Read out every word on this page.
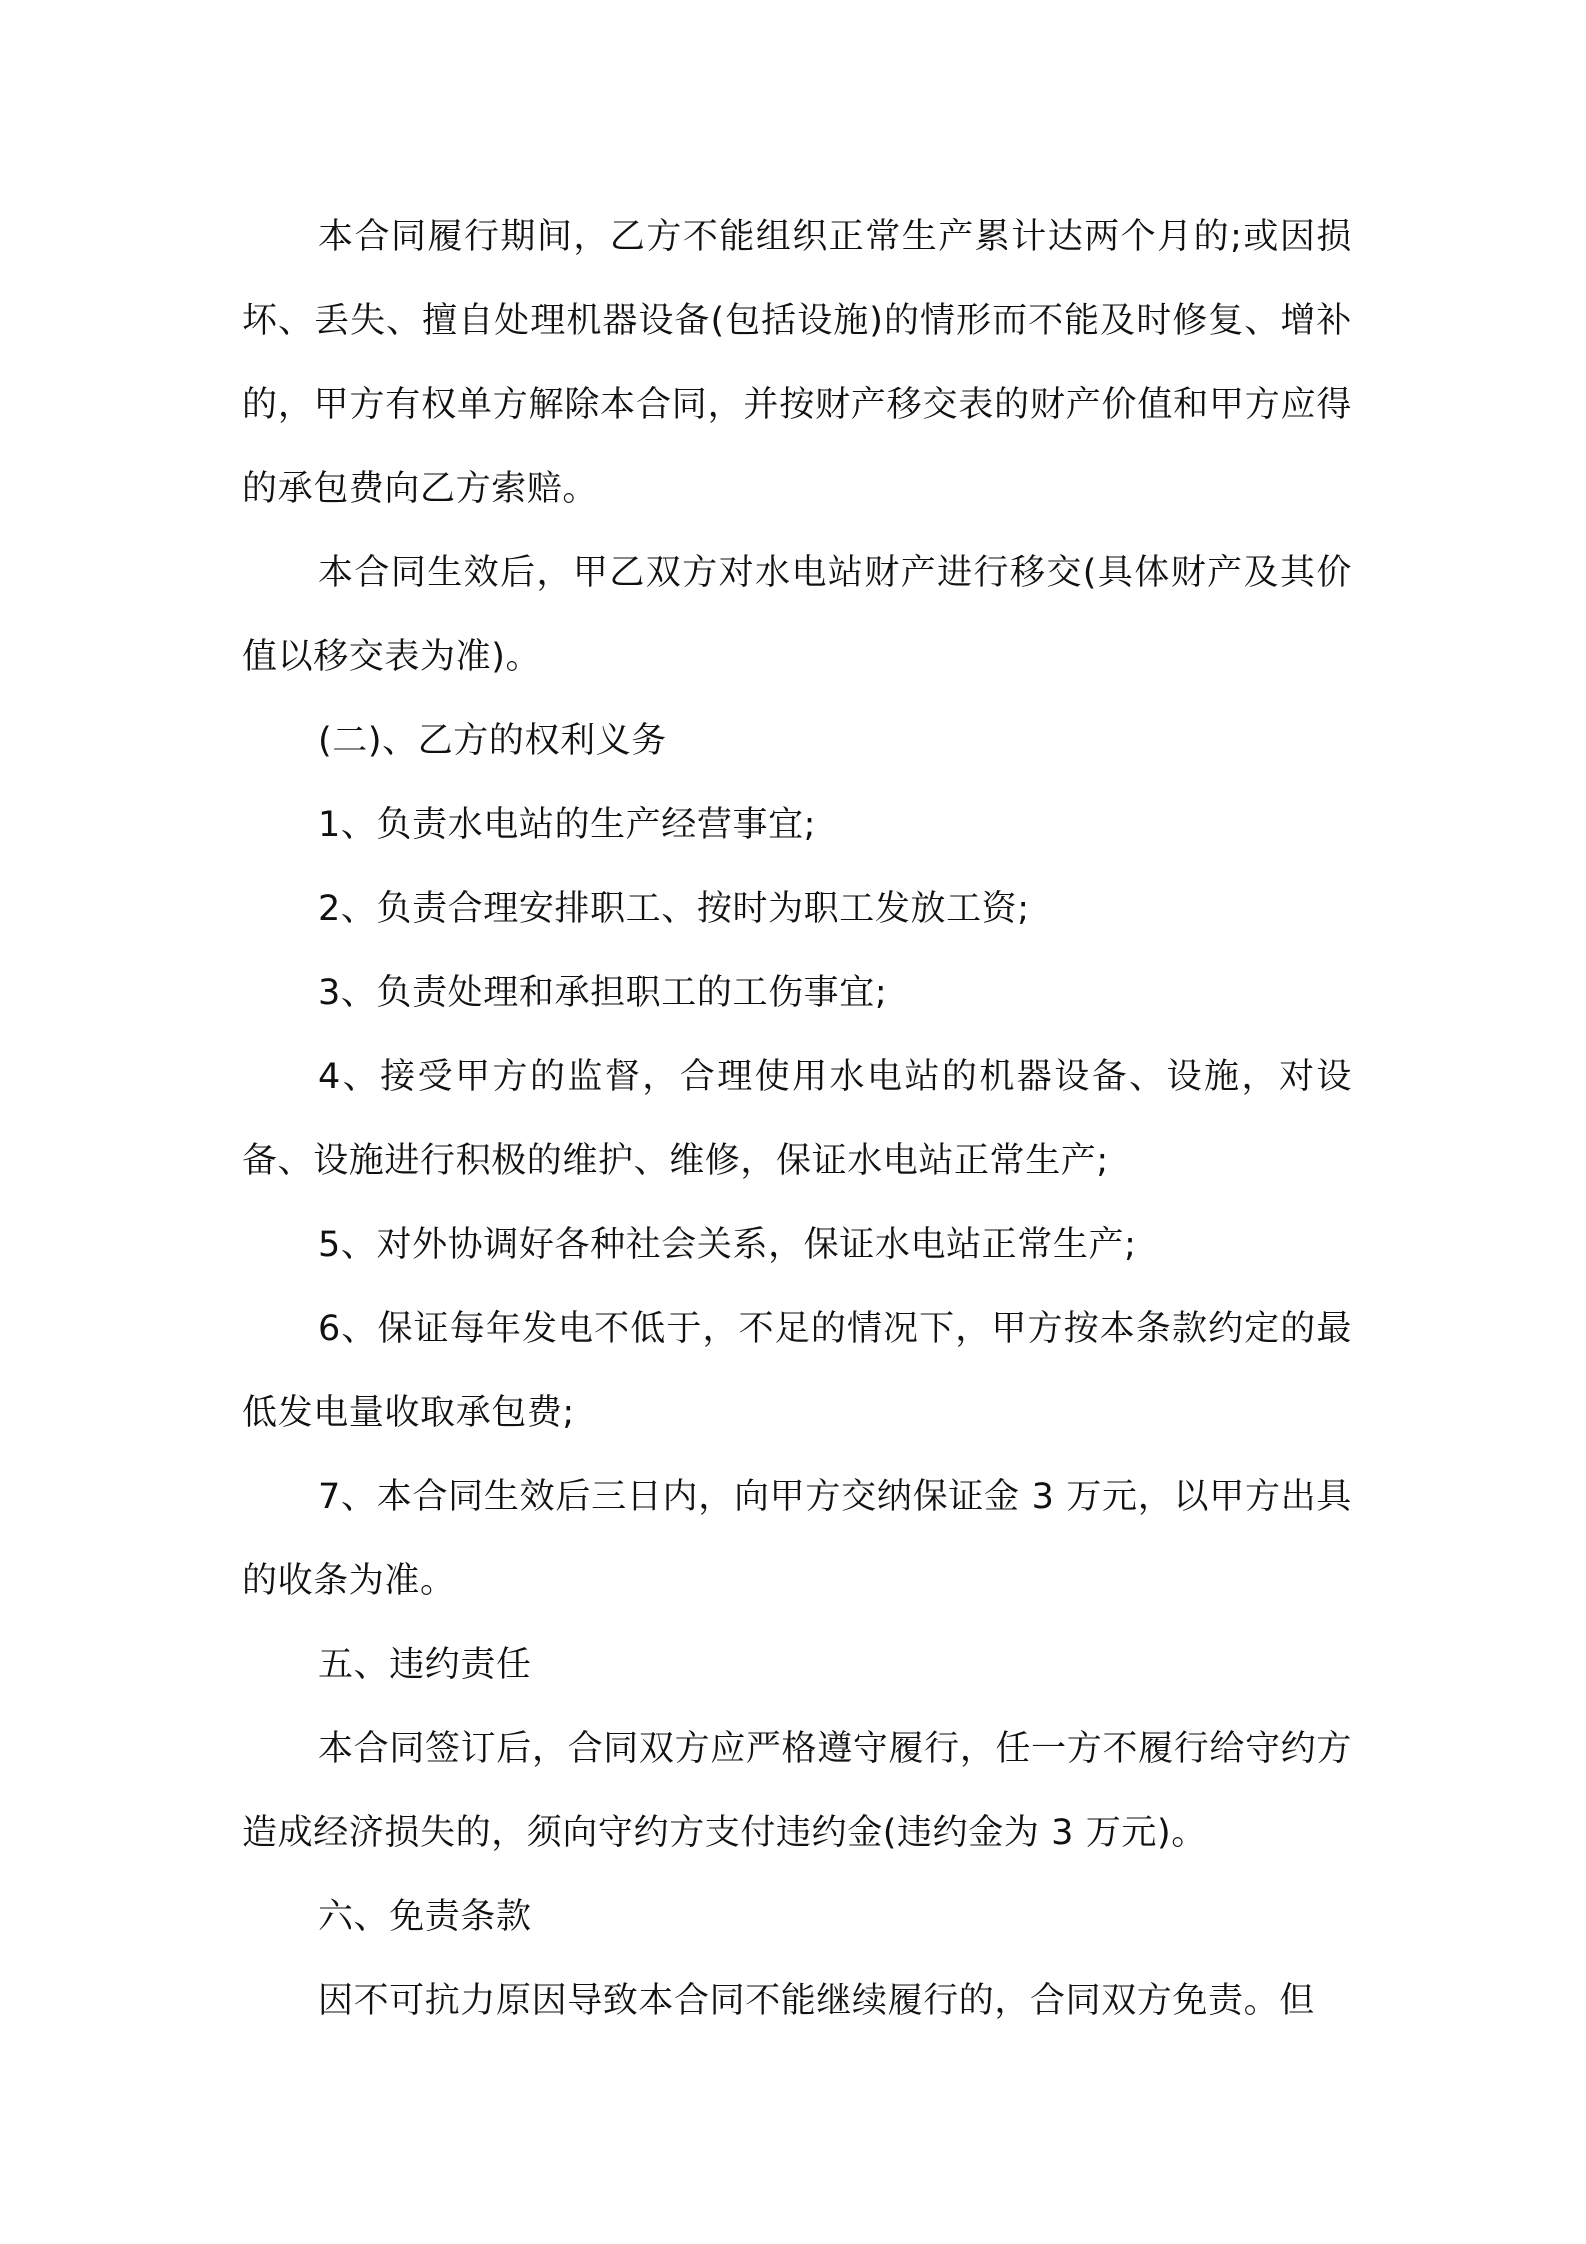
本合同履行期间，乙方不能组织正常生产累计达两个月的;或因损坏、丢失、擅自处理机器设备(包括设施)的情形而不能及时修复、增补的，甲方有权单方解除本合同，并按财产移交表的财产价值和甲方应得的承包费向乙方索赔。

本合同生效后，甲乙双方对水电站财产进行移交(具体财产及其价值以移交表为准)。

(二)、乙方的权利义务

1、负责水电站的生产经营事宜;

2、负责合理安排职工、按时为职工发放工资;

3、负责处理和承担职工的工伤事宜;

4、接受甲方的监督，合理使用水电站的机器设备、设施，对设备、设施进行积极的维护、维修，保证水电站正常生产;

5、对外协调好各种社会关系，保证水电站正常生产;

6、保证每年发电不低于，不足的情况下，甲方按本条款约定的最低发电量收取承包费;

7、本合同生效后三日内，向甲方交纳保证金 3 万元，以甲方出具的收条为准。

五、违约责任

本合同签订后，合同双方应严格遵守履行，任一方不履行给守约方造成经济损失的，须向守约方支付违约金(违约金为 3 万元)。

六、免责条款

因不可抗力原因导致本合同不能继续履行的，合同双方免责。但
